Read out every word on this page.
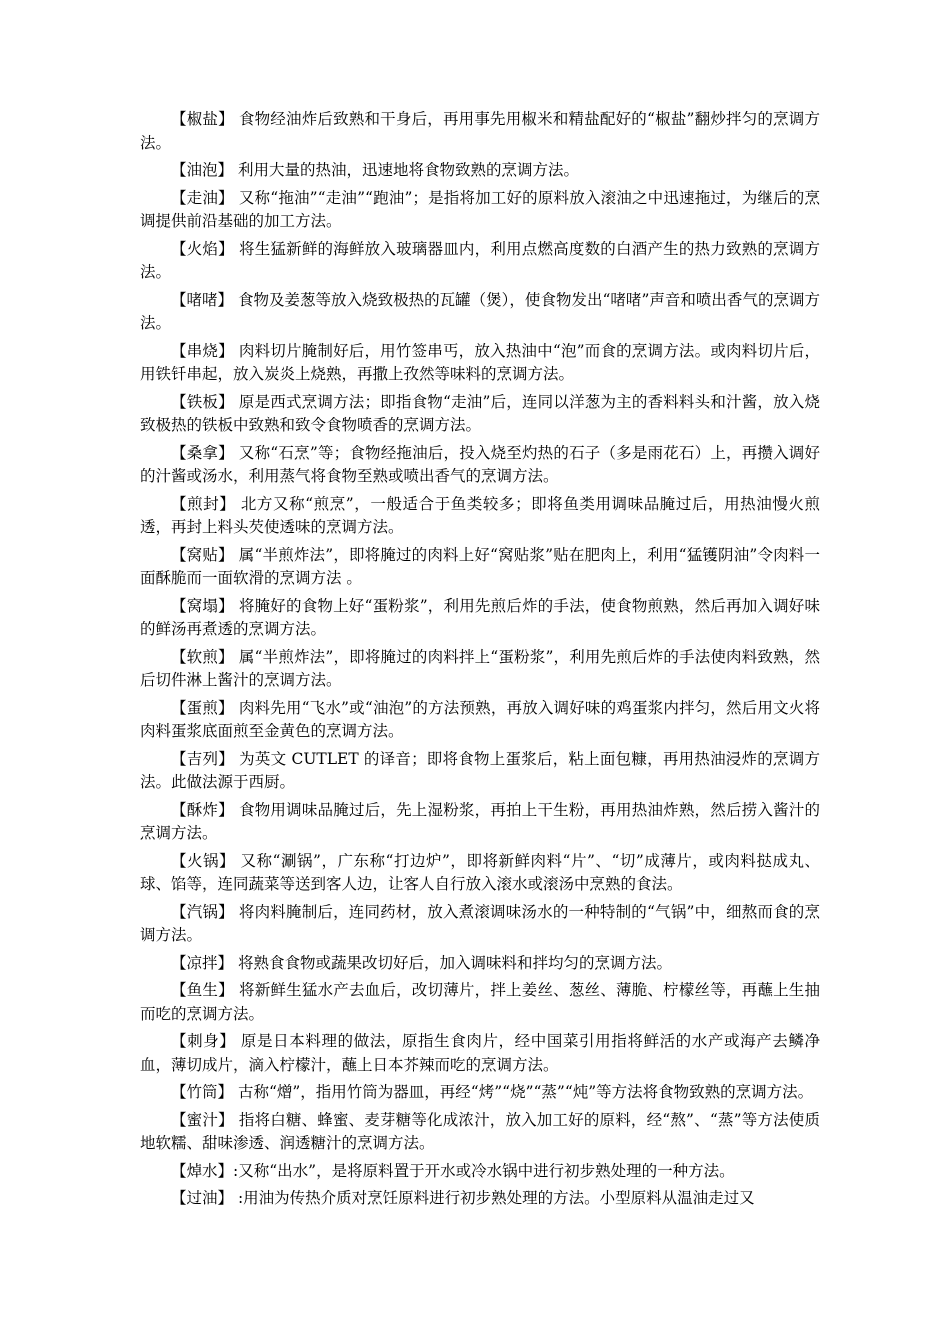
【椒盐】 食物经油炸后致熟和干身后，再用事先用椒米和精盐配好的“椒盐”翻炒拌匀的烹调方法。

【油泡】 利用大量的热油，迅速地将食物致熟的烹调方法。

【走油】 又称“拖油”“走油”“跑油”；是指将加工好的原料放入滚油之中迅速拖过，为继后的烹调提供前沿基础的加工方法。

【火焰】 将生猛新鲜的海鲜放入玻璃器皿内，利用点燃高度数的白酒产生的热力致熟的烹调方法。

【啫啫】 食物及姜葱等放入烧致极热的瓦罐（煲），使食物发出“啫啫”声音和喷出香气的烹调方法。

【串烧】 肉料切片腌制好后，用竹签串丐，放入热油中“泡”而食的烹调方法。或肉料切片后，用铁钎串起，放入炭炎上烧熟，再撒上孜然等味料的烹调方法。

【铁板】 原是西式烹调方法；即指食物“走油”后，连同以洋葱为主的香料料头和汁酱，放入烧致极热的铁板中致熟和致令食物喷香的烹调方法。

【桑拿】 又称“石烹”等；食物经拖油后，投入烧至灼热的石子（多是雨花石）上，再攒入调好的汁酱或汤水，利用蒸气将食物至熟或喷出香气的烹调方法。

【煎封】 北方又称“煎烹”，一般适合于鱼类较多；即将鱼类用调味品腌过后，用热油慢火煎透，再封上料头芡使透味的烹调方法。

【窝贴】 属“半煎炸法”，即将腌过的肉料上好“窝贴浆”贴在肥肉上，利用“猛镬阴油”令肉料一面酥脆而一面软滑的烹调方法 。

【窝塌】 将腌好的食物上好“蛋粉浆”，利用先煎后炸的手法，使食物煎熟，然后再加入调好味的鲜汤再煮透的烹调方法。

【软煎】 属“半煎炸法”，即将腌过的肉料拌上“蛋粉浆”，利用先煎后炸的手法使肉料致熟，然后切件淋上酱汁的烹调方法。

【蛋煎】 肉料先用“飞水”或“油泡”的方法预熟，再放入调好味的鸡蛋浆内拌匀，然后用文火将肉料蛋浆底面煎至金黄色的烹调方法。

【吉列】 为英文 CUTLET 的译音；即将食物上蛋浆后，粘上面包糠，再用热油浸炸的烹调方法。此做法源于西厨。

【酥炸】 食物用调味品腌过后，先上湿粉浆，再拍上干生粉，再用热油炸熟，然后捞入酱汁的烹调方法。

【火锅】 又称“涮锅”，广东称“打边炉”，即将新鲜肉料“片”、“切”成薄片，或肉料挞成丸、球、馅等，连同蔬菜等送到客人边，让客人自行放入滚水或滚汤中烹熟的食法。

【汽锅】 将肉料腌制后，连同药材，放入煮滚调味汤水的一种特制的“气锅”中，细熬而食的烹调方法。

【凉拌】 将熟食食物或蔬果改切好后，加入调味料和拌均匀的烹调方法。

【鱼生】 将新鲜生猛水产去血后，改切薄片，拌上姜丝、葱丝、薄脆、柠檬丝等，再蘸上生抽而吃的烹调方法。

【刺身】 原是日本料理的做法，原指生食肉片，经中国菜引用指将鲜活的水产或海产去鳞净血，薄切成片，滴入柠檬汁，蘸上日本芥辣而吃的烹调方法。

【竹筒】 古称“熷”，指用竹筒为器皿，再经“烤”“烧”“蒸”“炖”等方法将食物致熟的烹调方法。

【蜜汁】 指将白糖、蜂蜜、麦芽糖等化成浓汁，放入加工好的原料，经“熬”、“蒸”等方法使质地软糯、甜味渗透、润透糖汁的烹调方法。

【焯水】:又称“出水”，是将原料置于开水或冷水锅中进行初步熟处理的一种方法。

【过油】 :用油为传热介质对烹饪原料进行初步熟处理的方法。小型原料从温油走过又
